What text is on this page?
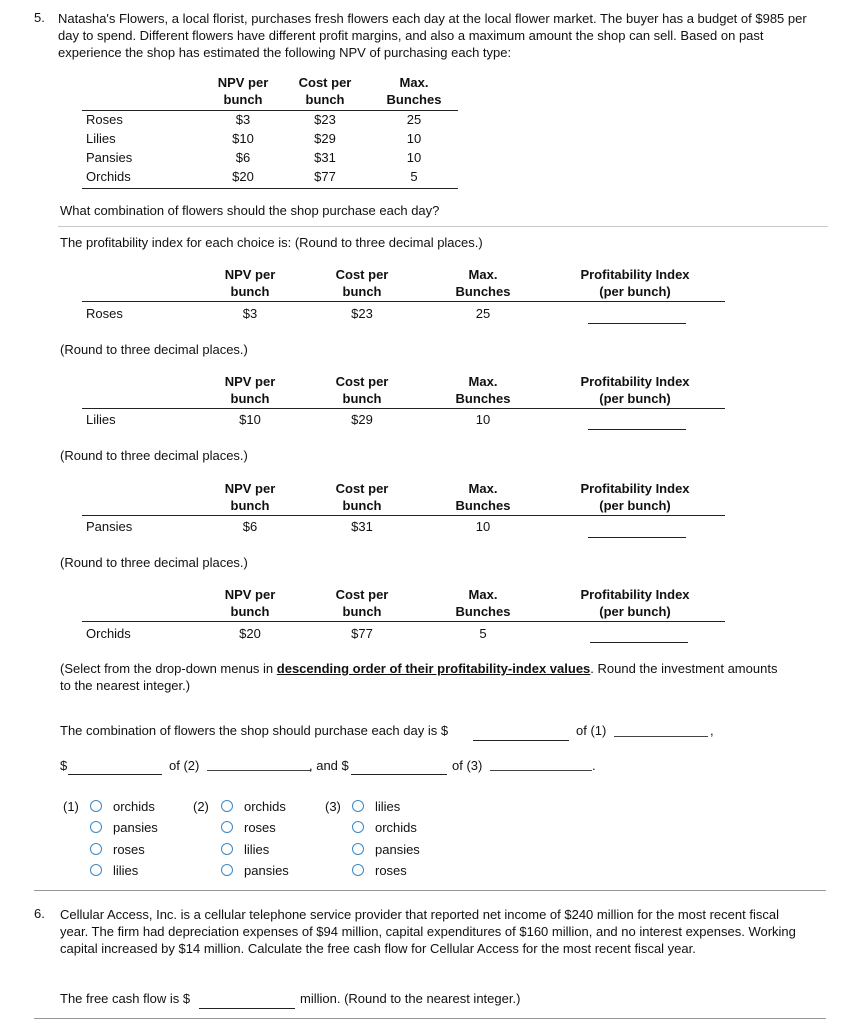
5. Natasha's Flowers, a local florist, purchases fresh flowers each day at the local flower market. The buyer has a budget of $985 per day to spend. Different flowers have different profit margins, and also a maximum amount the shop can sell. Based on past experience the shop has estimated the following NPV of purchasing each type:
NPV per
bunch
Cost per
bunch
Max.
Bunches
Roses	$3	$23	25
Lilies	$10	$29	10
Pansies	$6	$31	10
Orchids	$20	$77	5
What combination of flowers should the shop purchase each day?
The profitability index for each choice is: (Round to three decimal places.)
NPV per
bunch
Cost per
bunch
Max.
Bunches
Profitability Index
(per bunch)
Roses	$3	$23	25
(Round to three decimal places.)
NPV per
bunch
Cost per
bunch
Max.
Bunches
Profitability Index
(per bunch)
Lilies	$10	$29	10
(Round to three decimal places.)
NPV per
bunch
Cost per
bunch
Max.
Bunches
Profitability Index
(per bunch)
Pansies	$6	$31	10
(Round to three decimal places.)
NPV per
bunch
Cost per
bunch
Max.
Bunches
Profitability Index
(per bunch)
Orchids	$20	$77	5
(Select from the drop-down menus in descending order of their profitability-index values. Round the investment amounts to the nearest integer.)
The combination of flowers the shop should purchase each day is $	of (1)	,
$	of (2)	, and $	of (3)	.
(1)	orchids
pansies
roses
lilies
(2)	orchids
roses
lilies
pansies
(3)	lilies
orchids
pansies
roses
6. Cellular Access, Inc. is a cellular telephone service provider that reported net income of $240 million for the most recent fiscal year. The firm had depreciation expenses of $94 million, capital expenditures of $160 million, and no interest expenses. Working capital increased by $14 million. Calculate the free cash flow for Cellular Access for the most recent fiscal year.
The free cash flow is $	million. (Round to the nearest integer.)
